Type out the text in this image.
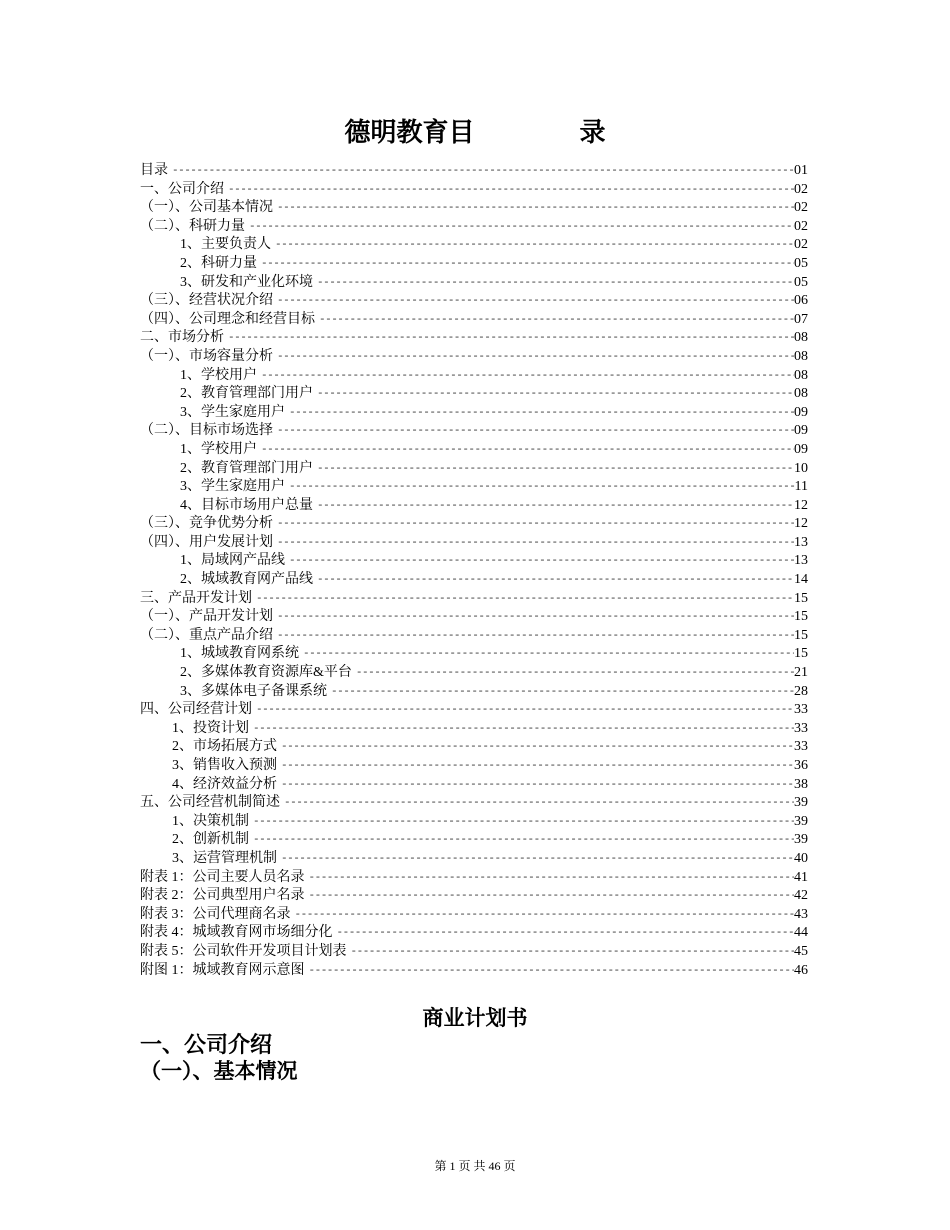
德明教育目	录
目录 -----	01
一、公司介绍 -----	02
（一）、公司基本情况 -----	02
（二）、科研力量 -----	02
1、主要负责人 -----	02
2、科研力量 -----	05
3、研发和产业化环境 -----	05
（三）、经营状况介绍 -----	06
（四）、公司理念和经营目标 -----	07
二、市场分析 -----	08
（一）、市场容量分析 -----	08
1、学校用户 -----	08
2、教育管理部门用户 -----	08
3、学生家庭用户 -----	09
（二）、目标市场选择 -----	09
1、学校用户 -----	09
2、教育管理部门用户 -----	10
3、学生家庭用户 -----	11
4、目标市场用户总量 -----	12
（三）、竞争优势分析 -----	12
（四）、用户发展计划 -----	13
1、局域网产品线 -----	13
2、城域教育网产品线 -----	14
三、产品开发计划 -----	15
（一）、产品开发计划 -----	15
（二）、重点产品介绍 -----	15
1、城域教育网系统 -----	15
2、多媒体教育资源库&平台 -----	21
3、多媒体电子备课系统 -----	28
四、公司经营计划 -----	33
1、投资计划 -----	33
2、市场拓展方式 -----	33
3、销售收入预测 -----	36
4、经济效益分析 -----	38
五、公司经营机制简述 -----	39
1、决策机制 -----	39
2、创新机制 -----	39
3、运营管理机制 -----	40
附表 1：公司主要人员名录 -----	41
附表 2：公司典型用户名录 -----	42
附表 3：公司代理商名录 -----	43
附表 4：城域教育网市场细分化 -----	44
附表 5：公司软件开发项目计划表 -----	45
附图 1：城域教育网示意图 -----	46
商业计划书
一、公司介绍
（一）、基本情况
第 1 页 共 46 页
